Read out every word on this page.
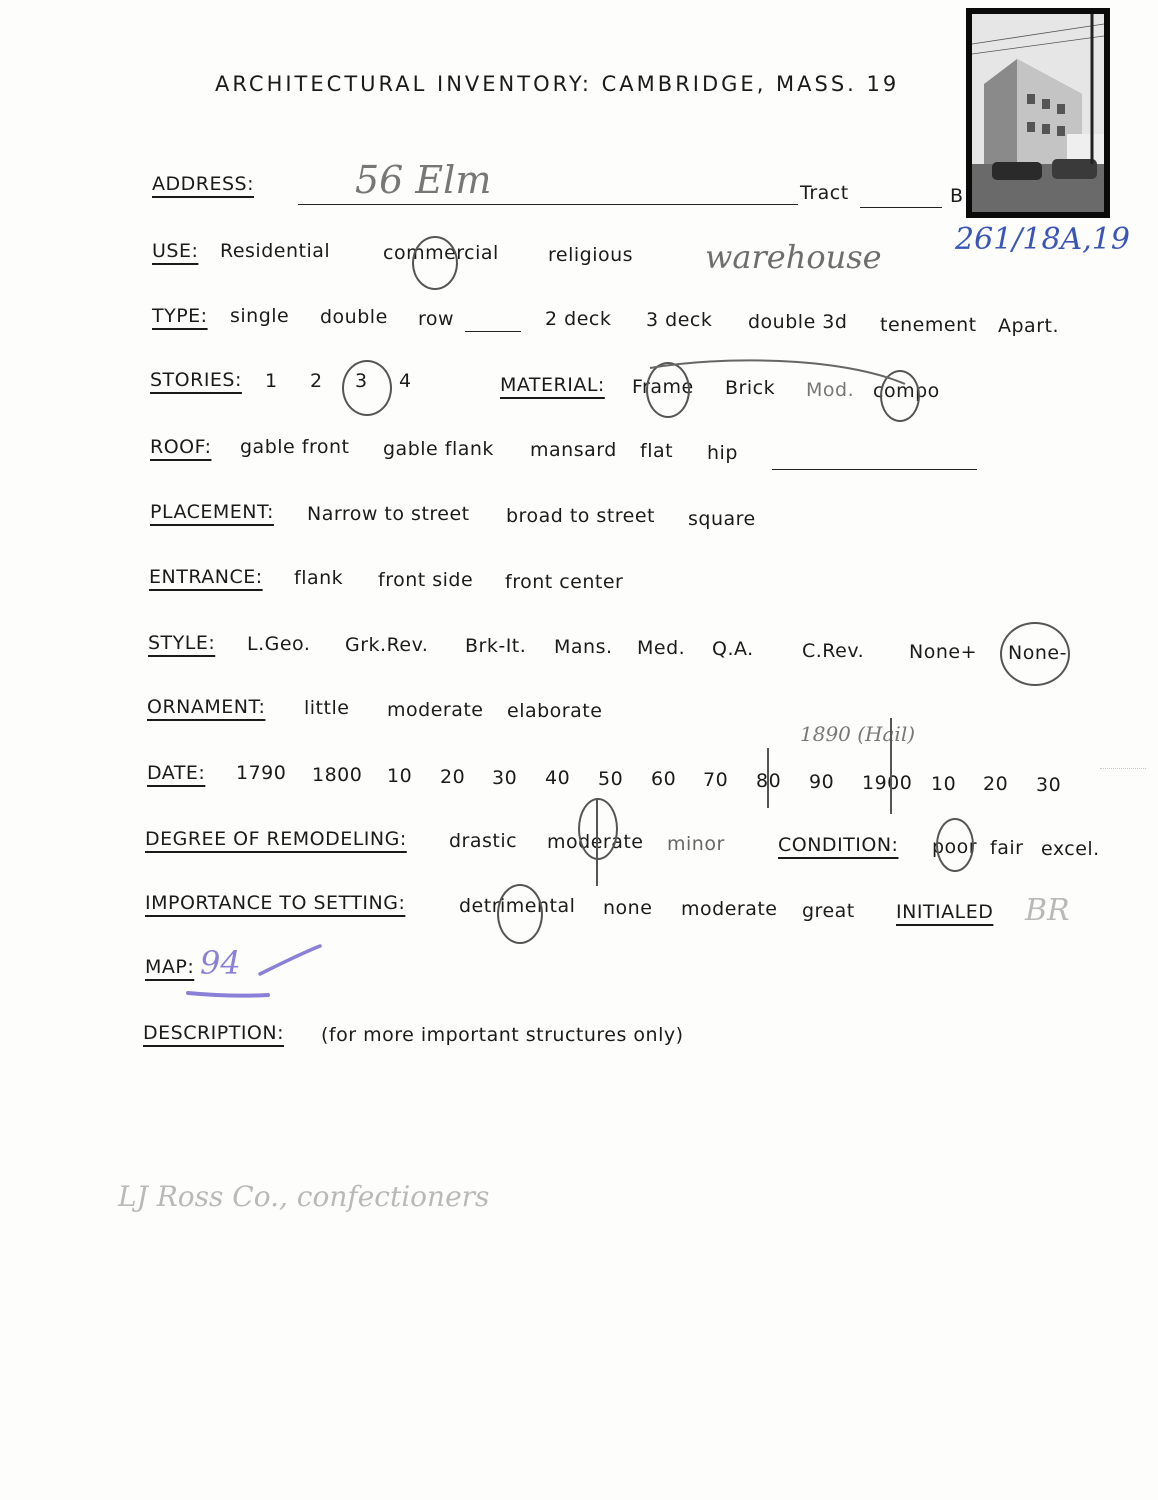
ARCHITECTURAL INVENTORY: CAMBRIDGE, MASS. 19
ADDRESS:	56 Elm	Tract	B
261/18A,19
USE: Residential	commercial	religious warehouse
TYPE: single double row	2 deck 3 deck double 3d tenement Apart.
STORIES: 1 2 3 4	MATERIAL: Frame Brick Mod. compo
ROOF: gable front gable flank mansard flat hip
PLACEMENT: Narrow to street broad to street square
ENTRANCE: flank front side front center
STYLE: L.Geo. Grk.Rev. Brk-It. Mans. Med. Q.A.	C.Rev. None+ None-
ORNAMENT: little moderate elaborate
1890 (Hail)
DATE: 1790 1800 10 20 30 40 50 60 70 80 90 1900 10 20 30
DEGREE OF REMODELING: drastic moderate minor	CONDITION: poor fair excel.
IMPORTANCE TO SETTING:	detrimental none moderate great INITIALED BR
MAP: 94
DESCRIPTION: (for more important structures only)
LJ Ross Co., confectioners
